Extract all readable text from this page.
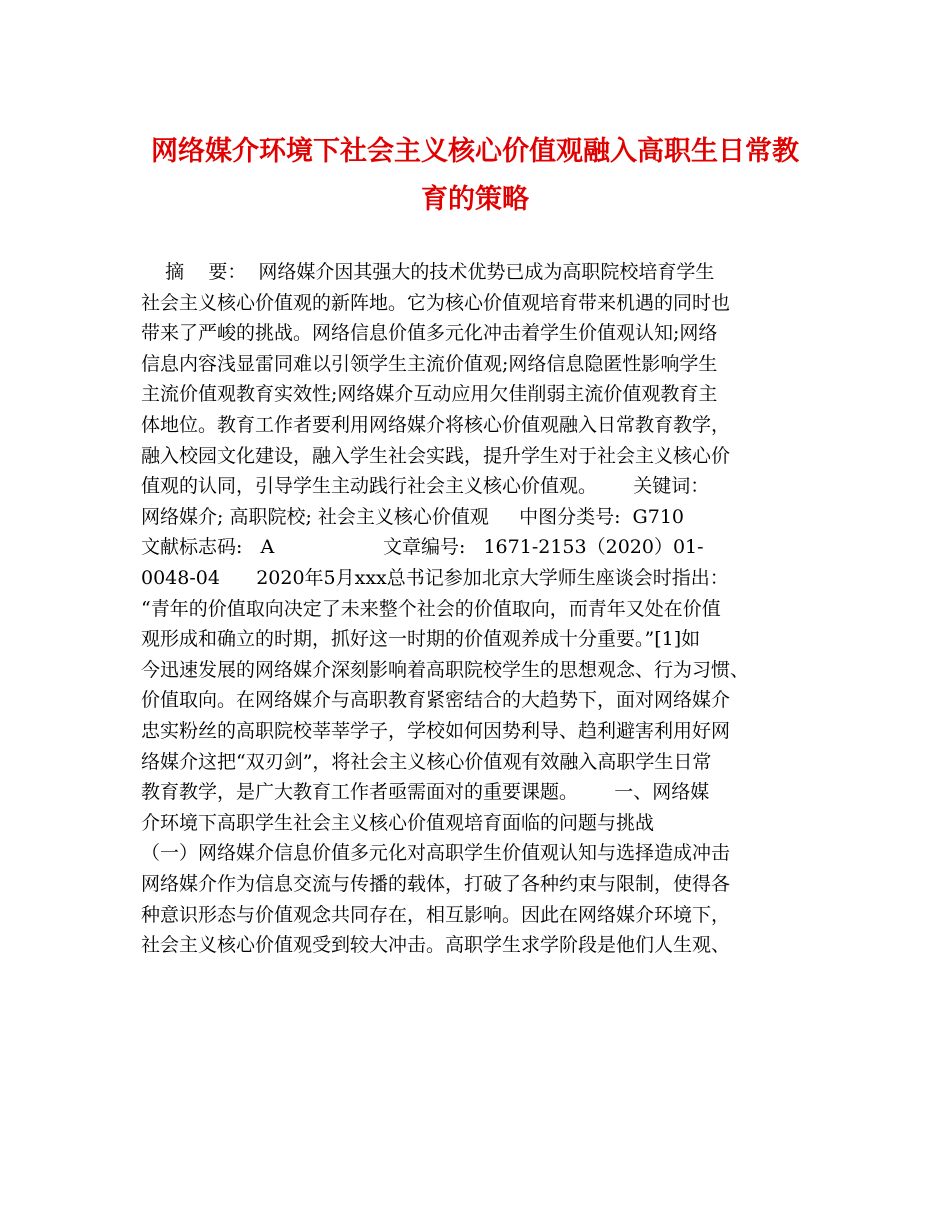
网络媒介环境下社会主义核心价值观融入高职生日常教
育的策略
摘    要：  网络媒介因其强大的技术优势已成为高职院校培育学生
社会主义核心价值观的新阵地。它为核心价值观培育带来机遇的同时也
带来了严峻的挑战。网络信息价值多元化冲击着学生价值观认知;网络
信息内容浅显雷同难以引领学生主流价值观;网络信息隐匿性影响学生
主流价值观教育实效性;网络媒介互动应用欠佳削弱主流价值观教育主
体地位。教育工作者要利用网络媒介将核心价值观融入日常教育教学，
融入校园文化建设，融入学生社会实践，提升学生对于社会主义核心价
值观的认同，引导学生主动践行社会主义核心价值观。      关键词：
网络媒介; 高职院校; 社会主义核心价值观     中图分类号:  G710
文献标志码:   A                  文章编号:   1671-2153（2020）01-
0048-04      2020年5月xxx总书记参加北京大学师生座谈会时指出：
“青年的价值取向决定了未来整个社会的价值取向，而青年又处在价值
观形成和确立的时期，抓好这一时期的价值观养成十分重要。”[1]如
今迅速发展的网络媒介深刻影响着高职院校学生的思想观念、行为习惯、
价值取向。在网络媒介与高职教育紧密结合的大趋势下，面对网络媒介
忠实粉丝的高职院校莘莘学子，学校如何因势利导、趋利避害利用好网
络媒介这把“双刃剑”，将社会主义核心价值观有效融入高职学生日常
教育教学，是广大教育工作者亟需面对的重要课题。      一、网络媒
介环境下高职学生社会主义核心价值观培育面临的问题与挑战
（一）网络媒介信息价值多元化对高职学生价值观认知与选择造成冲击
网络媒介作为信息交流与传播的载体，打破了各种约束与限制，使得各
种意识形态与价值观念共同存在，相互影响。因此在网络媒介环境下，
社会主义核心价值观受到较大冲击。高职学生求学阶段是他们人生观、
